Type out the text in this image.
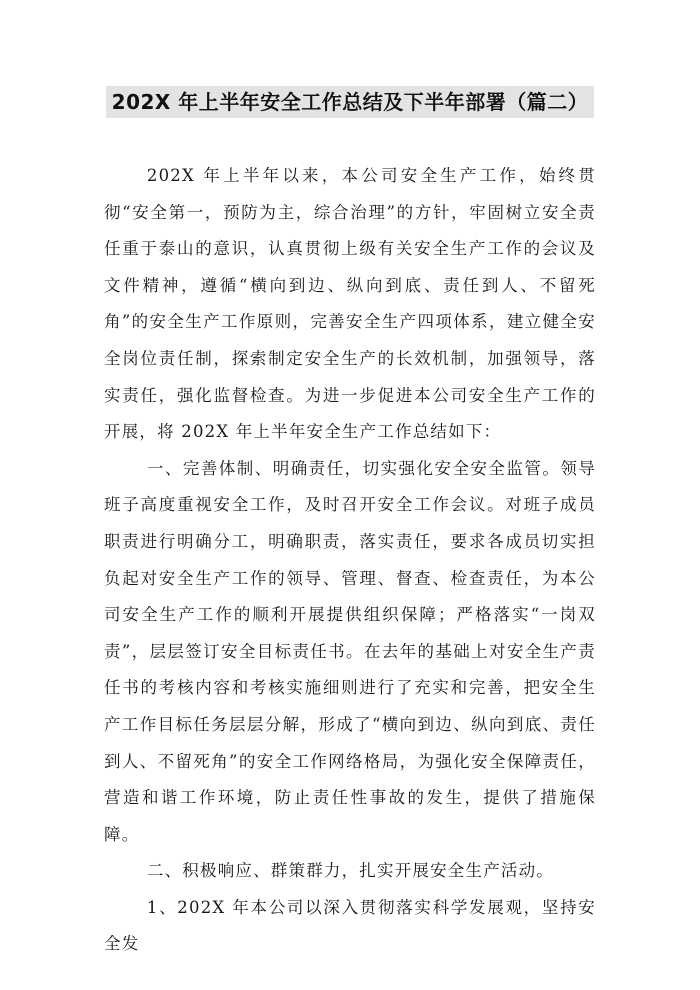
202X 年上半年安全工作总结及下半年部署（篇二）

202X 年上半年以来，本公司安全生产工作，始终贯彻“安全第一，预防为主，综合治理”的方针，牢固树立安全责任重于泰山的意识，认真贯彻上级有关安全生产工作的会议及文件精神，遵循“横向到边、纵向到底、责任到人、不留死角”的安全生产工作原则，完善安全生产四项体系，建立健全安全岗位责任制，探索制定安全生产的长效机制，加强领导，落实责任，强化监督检查。为进一步促进本公司安全生产工作的开展，将 202X 年上半年安全生产工作总结如下：

一、完善体制、明确责任，切实强化安全安全监管。领导班子高度重视安全工作，及时召开安全工作会议。对班子成员职责进行明确分工，明确职责，落实责任，要求各成员切实担负起对安全生产工作的领导、管理、督查、检查责任，为本公司安全生产工作的顺利开展提供组织保障；严格落实“一岗双责”，层层签订安全目标责任书。在去年的基础上对安全生产责任书的考核内容和考核实施细则进行了充实和完善，把安全生产工作目标任务层层分解，形成了“横向到边、纵向到底、责任到人、不留死角”的安全工作网络格局，为强化安全保障责任，营造和谐工作环境，防止责任性事故的发生，提供了措施保障。

二、积极响应、群策群力，扎实开展安全生产活动。

1、202X 年本公司以深入贯彻落实科学发展观，坚持安全发
